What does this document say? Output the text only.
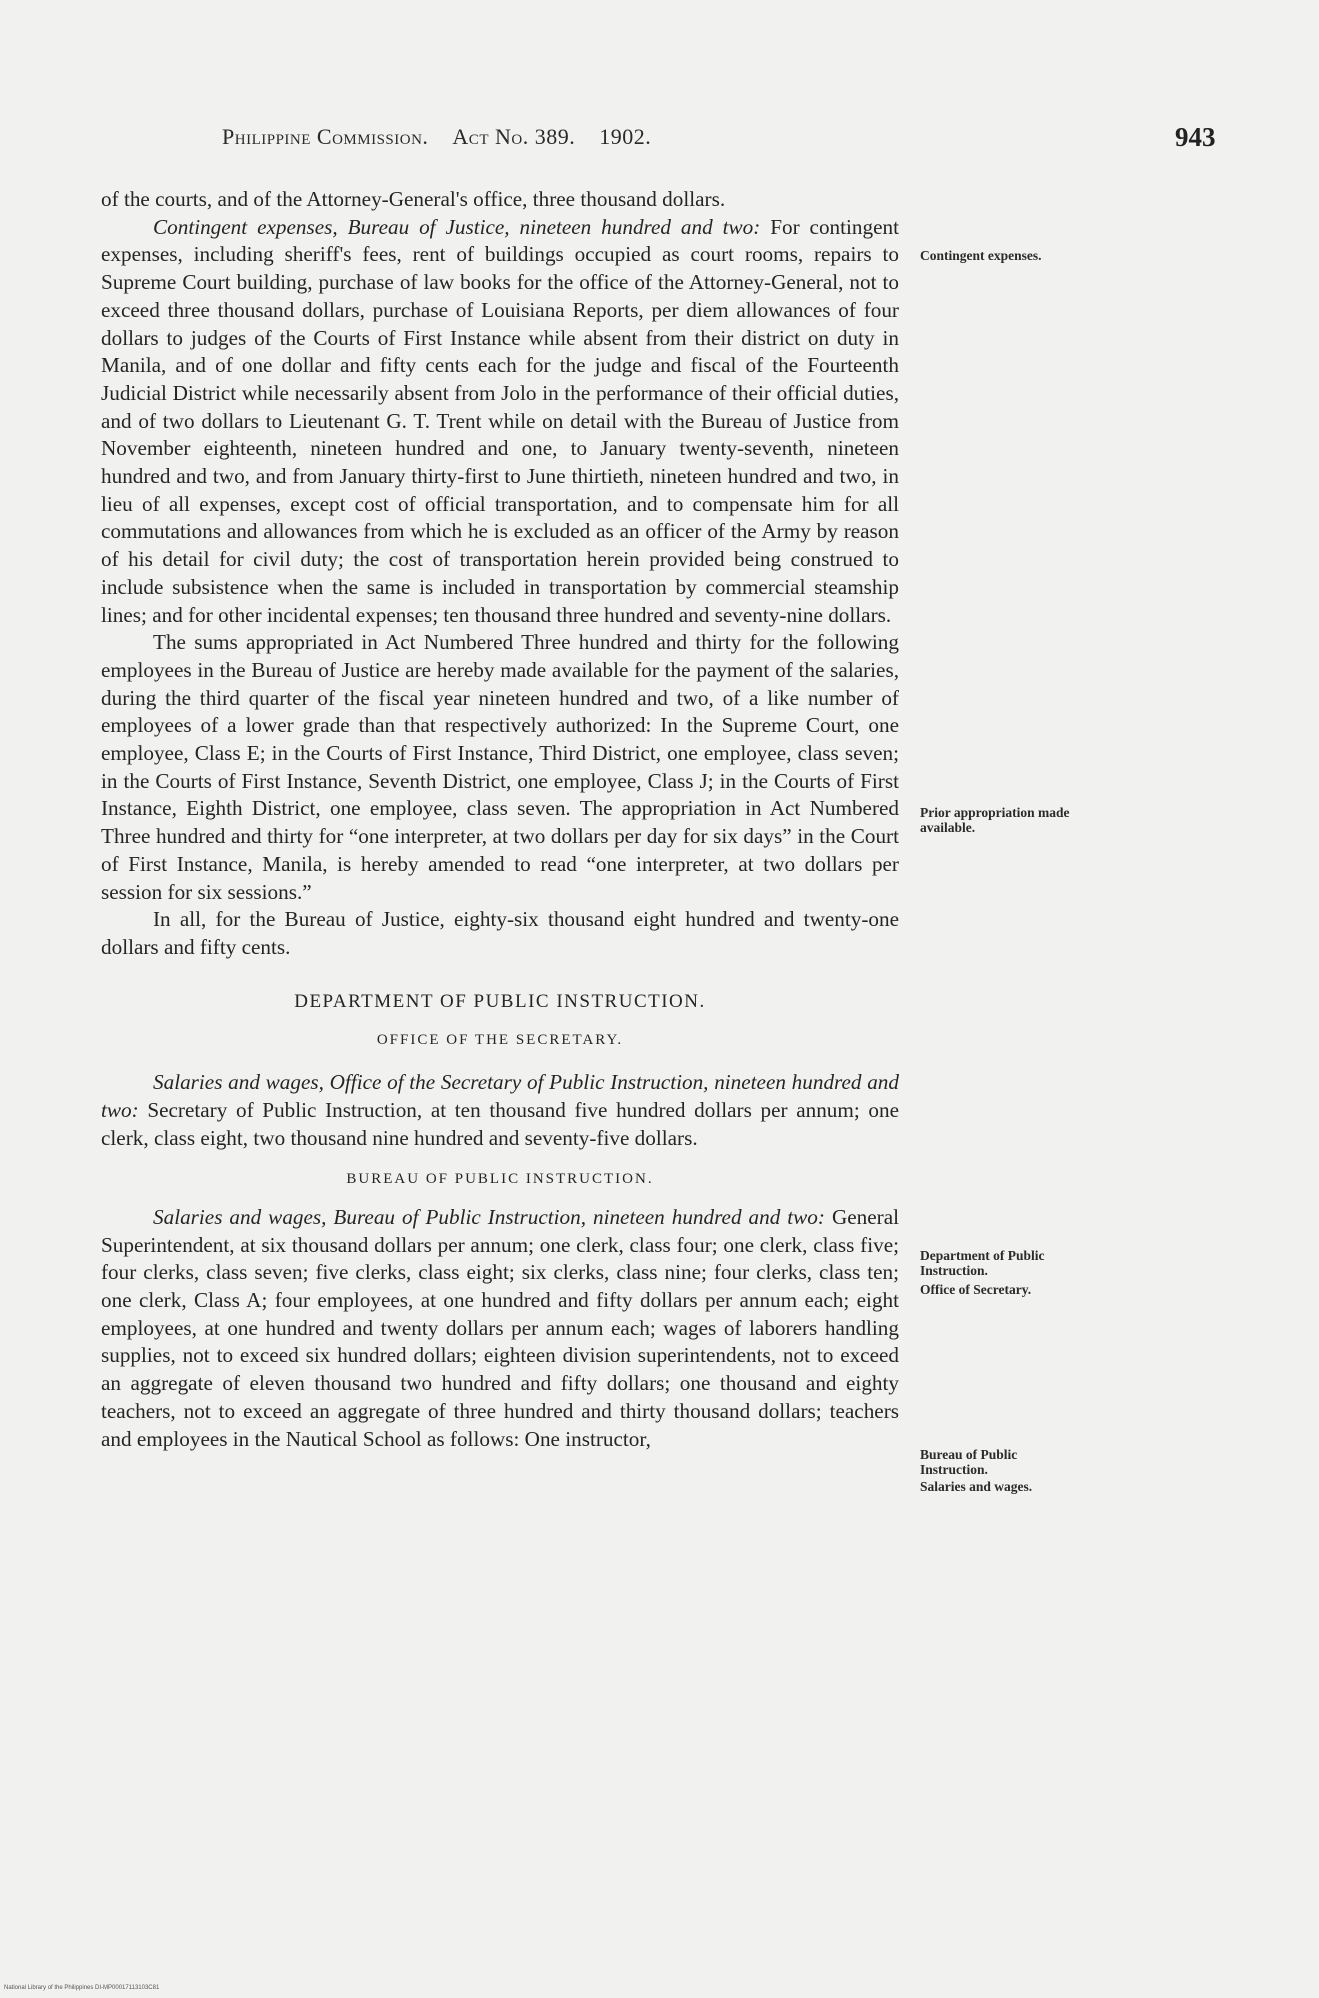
Philippine Commission. Act No. 389. 1902.	943

of the courts, and of the Attorney-General's office, three thousand dollars.

Contingent expenses, Bureau of Justice, nineteen hundred and two: For contingent expenses, including sheriff's fees, rent of buildings occupied as court rooms, repairs to Supreme Court building, purchase of law books for the office of the Attorney-General, not to exceed three thousand dollars, purchase of Louisiana Reports, per diem allowances of four dollars to judges of the Courts of First Instance while absent from their district on duty in Manila, and of one dollar and fifty cents each for the judge and fiscal of the Fourteenth Judicial District while necessarily absent from Jolo in the performance of their official duties, and of two dollars to Lieutenant G. T. Trent while on detail with the Bureau of Justice from November eighteenth, nineteen hundred and one, to January twenty-seventh, nineteen hundred and two, and from January thirty-first to June thirtieth, nineteen hundred and two, in lieu of all expenses, except cost of official transportation, and to compensate him for all commutations and allowances from which he is excluded as an officer of the Army by reason of his detail for civil duty; the cost of transportation herein provided being construed to include subsistence when the same is included in transportation by commercial steamship lines; and for other incidental expenses; ten thousand three hundred and seventy-nine dollars.

The sums appropriated in Act Numbered Three hundred and thirty for the following employees in the Bureau of Justice are hereby made available for the payment of the salaries, during the third quarter of the fiscal year nineteen hundred and two, of a like number of employees of a lower grade than that respectively authorized: In the Supreme Court, one employee, Class E; in the Courts of First Instance, Third District, one employee, class seven; in the Courts of First Instance, Seventh District, one employee, Class J; in the Courts of First Instance, Eighth District, one employee, class seven. The appropriation in Act Numbered Three hundred and thirty for “one interpreter, at two dollars per day for six days” in the Court of First Instance, Manila, is hereby amended to read “one interpreter, at two dollars per session for six sessions.”

In all, for the Bureau of Justice, eighty-six thousand eight hundred and twenty-one dollars and fifty cents.

DEPARTMENT OF PUBLIC INSTRUCTION.

OFFICE OF THE SECRETARY.

Salaries and wages, Office of the Secretary of Public Instruction, nineteen hundred and two: Secretary of Public Instruction, at ten thousand five hundred dollars per annum; one clerk, class eight, two thousand nine hundred and seventy-five dollars.

BUREAU OF PUBLIC INSTRUCTION.

Salaries and wages, Bureau of Public Instruction, nineteen hundred and two: General Superintendent, at six thousand dollars per annum; one clerk, class four; one clerk, class five; four clerks, class seven; five clerks, class eight; six clerks, class nine; four clerks, class ten; one clerk, Class A; four employees, at one hundred and fifty dollars per annum each; eight employees, at one hundred and twenty dollars per annum each; wages of laborers handling supplies, not to exceed six hundred dollars; eighteen division superintendents, not to exceed an aggregate of eleven thousand two hundred and fifty dollars; one thousand and eighty teachers, not to exceed an aggregate of three hundred and thirty thousand dollars; teachers and employees in the Nautical School as follows: One instructor,

Contingent expenses.
Prior appropriation made available.
Department of Public Instruction.
Office of Secretary.
Bureau of Public Instruction.
Salaries and wages.
National Library of the Philippines DI-MP00017113103C81
